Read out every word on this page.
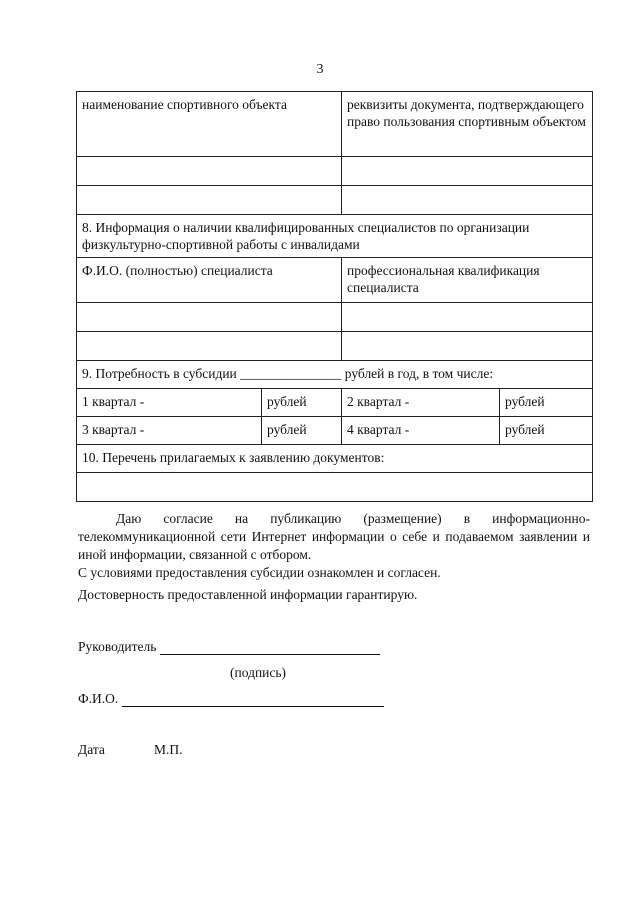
3
наименование спортивного объекта		реквизиты документа, подтверждающего право пользования спортивным объектом	

8. Информация о наличии квалифицированных специалистов по организации физкультурно-спортивной работы с инвалидами			
Ф.И.О. (полностью) специалиста		профессиональная квалификация специалиста	

9. Потребность в субсидии _______________ рублей в год, в том числе:			
1 квартал -	рублей	2 квартал -	рублей
3 квартал -	рублей	4 квартал -	рублей
10. Перечень прилагаемых к заявлению документов:			

Даю согласие на публикацию (размещение) в информационно-телекоммуникационной сети Интернет информации о себе и подаваемом заявлении и иной информации, связанной с отбором.

С условиями предоставления субсидии ознакомлен и согласен.

Достоверность предоставленной информации гарантирую.
Руководитель
(подпись)
Ф.И.О.
Дата	М.П.
